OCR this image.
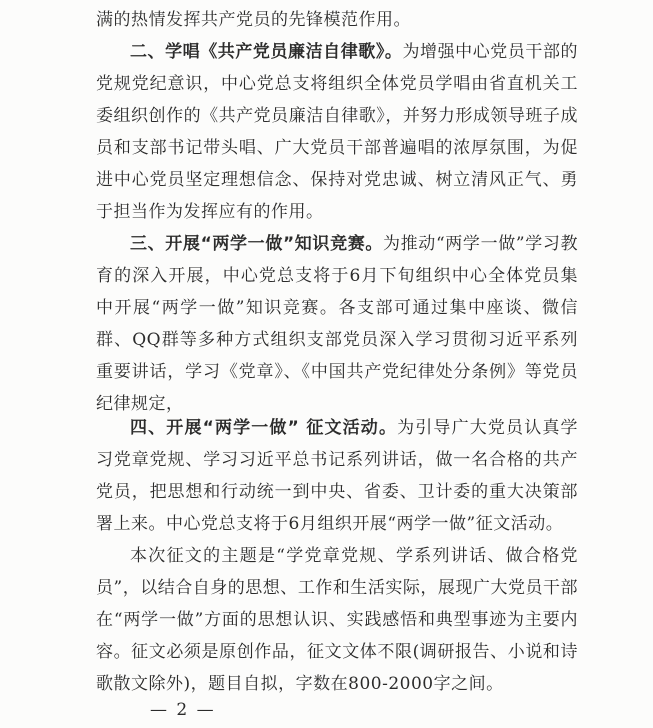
满的热情发挥共产党员的先锋模范作用。

二、学唱《共产党员廉洁自律歌》。为增强中心党员干部的党规党纪意识，中心党总支将组织全体党员学唱由省直机关工委组织创作的《共产党员廉洁自律歌》，并努力形成领导班子成员和支部书记带头唱、广大党员干部普遍唱的浓厚氛围，为促进中心党员坚定理想信念、保持对党忠诚、树立清风正气、勇于担当作为发挥应有的作用。

三、开展“两学一做”知识竞赛。为推动“两学一做”学习教育的深入开展，中心党总支将于6月下旬组织中心全体党员集中开展“两学一做”知识竞赛。各支部可通过集中座谈、微信群、QQ群等多种方式组织支部党员深入学习贯彻习近平系列重要讲话，学习《党章》、《中国共产党纪律处分条例》等党员纪律规定，

四、开展“两学一做” 征文活动。为引导广大党员认真学习党章党规、学习习近平总书记系列讲话，做一名合格的共产党员，把思想和行动统一到中央、省委、卫计委的重大决策部署上来。中心党总支将于6月组织开展“两学一做”征文活动。

本次征文的主题是“学党章党规、学系列讲话、做合格党员”，以结合自身的思想、工作和生活实际，展现广大党员干部在“两学一做”方面的思想认识、实践感悟和典型事迹为主要内容。征文必须是原创作品，征文文体不限(调研报告、小说和诗歌散文除外)，题目自拟，字数在800-2000字之间。

— 2 —
